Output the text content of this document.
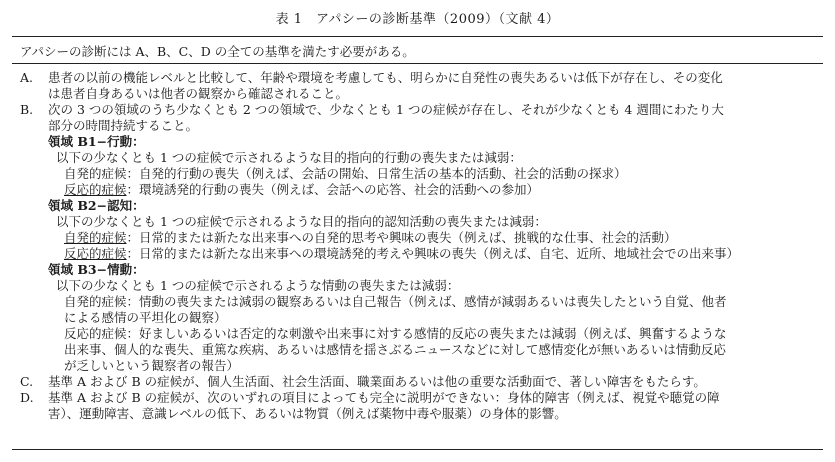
表 1　アパシーの診断基準（2009）（文献 4）
アパシーの診断には A、B、C、D の全ての基準を満たす必要がある。
A.	患者の以前の機能レベルと比較して、年齢や環境を考慮しても、明らかに自発性の喪失あるいは低下が存在し、その変化
は患者自身あるいは他者の観察から確認されること。
B.	次の 3 つの領域のうち少なくとも 2 つの領域で、少なくとも 1 つの症候が存在し、それが少なくとも 4 週間にわたり大
部分の時間持続すること。
領域 B1−行動：
以下の少なくとも 1 つの症候で示されるような目的指向的行動の喪失または減弱：
自発的症候：自発的行動の喪失（例えば、会話の開始、日常生活の基本的活動、社会的活動の探求）
反応的症候：環境誘発的行動の喪失（例えば、会話への応答、社会的活動への参加）
領域 B2−認知：
以下の少なくとも 1 つの症候で示されるような目的指向的認知活動の喪失または減弱：
自発的症候：日常的または新たな出来事への自発的思考や興味の喪失（例えば、挑戦的な仕事、社会的活動）
反応的症候：日常的または新たな出来事への環境誘発的考えや興味の喪失（例えば、自宅、近所、地域社会での出来事）
領域 B3−情動：
以下の少なくとも 1 つの症候で示されるような情動の喪失または減弱：
自発的症候：情動の喪失または減弱の観察あるいは自己報告（例えば、感情が減弱あるいは喪失したという自覚、他者
による感情の平坦化の観察）
反応的症候：好ましいあるいは否定的な刺激や出来事に対する感情的反応の喪失または減弱（例えば、興奮するような
出来事、個人的な喪失、重篤な疾病、あるいは感情を揺さぶるニュースなどに対して感情変化が無いあるいは情動反応
が乏しいという観察者の報告）
C.	基準 A および B の症候が、個人生活面、社会生活面、職業面あるいは他の重要な活動面で、著しい障害をもたらす。
D.	基準 A および B の症候が、次のいずれの項目によっても完全に説明ができない：身体的障害（例えば、視覚や聴覚の障
害）、運動障害、意識レベルの低下、あるいは物質（例えば薬物中毒や服薬）の身体的影響。
